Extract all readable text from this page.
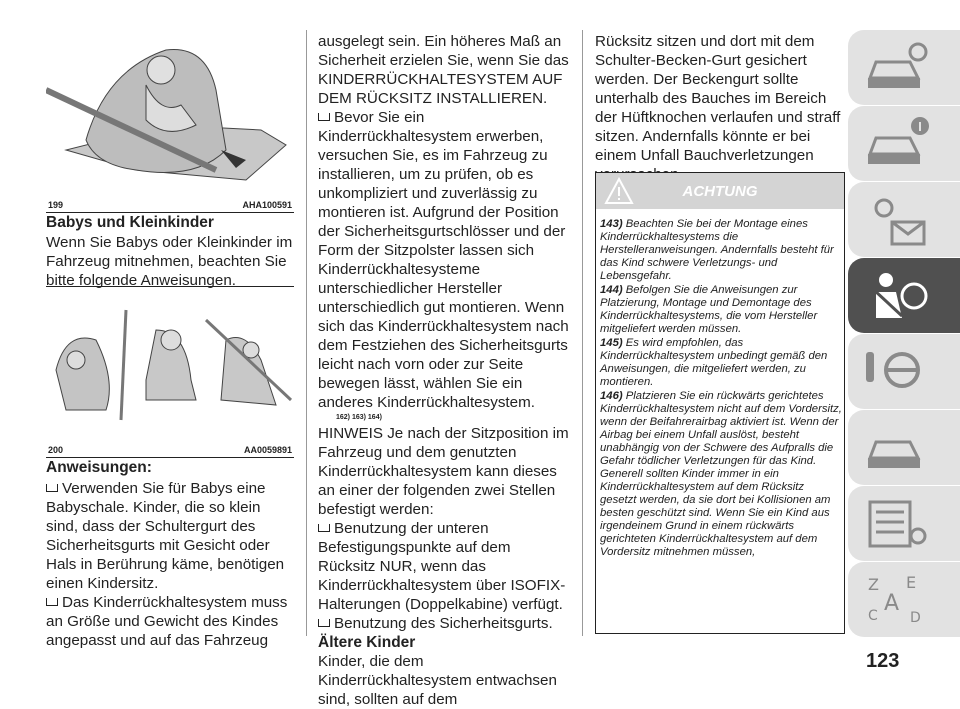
199	AHA100591
Babys und Kleinkinder
Wenn Sie Babys oder Kleinkinder im Fahrzeug mitnehmen, beachten Sie bitte folgende Anweisungen.
200	AA0059891
Anweisungen:

Verwenden Sie für Babys eine Babyschale. Kinder, die so klein sind, dass der Schultergurt des Sicherheitsgurts mit Gesicht oder Hals in Berührung käme, benötigen einen Kindersitz.

Das Kinderrückhaltesystem muss an Größe und Gewicht des Kindes angepasst und auf das Fahrzeug

ausgelegt sein. Ein höheres Maß an Sicherheit erzielen Sie, wenn Sie das KINDERRÜCKHALTESYSTEM AUF DEM RÜCKSITZ INSTALLIEREN.

Bevor Sie ein Kinderrückhaltesystem erwerben, versuchen Sie, es im Fahrzeug zu installieren, um zu prüfen, ob es unkompliziert und zuverlässig zu montieren ist. Aufgrund der Position der Sicherheitsgurtschlösser und der Form der Sitzpolster lassen sich Kinderrückhaltesysteme unterschiedlicher Hersteller unterschiedlich gut montieren. Wenn sich das Kinderrückhaltesystem nach dem Festziehen des Sicherheitsgurts leicht nach vorn oder zur Seite bewegen lässt, wählen Sie ein anderes Kinderrückhaltesystem.

162) 163) 164)

HINWEIS Je nach der Sitzposition im Fahrzeug und dem genutzten Kinderrückhaltesystem kann dieses an einer der folgenden zwei Stellen befestigt werden:

Benutzung der unteren Befestigungspunkte auf dem Rücksitz NUR, wenn das Kinderrückhaltesystem über ISOFIX-Halterungen (Doppelkabine) verfügt.

Benutzung des Sicherheitsgurts.

Ältere Kinder

Kinder, die dem Kinderrückhaltesystem entwachsen sind, sollten auf dem

Rücksitz sitzen und dort mit dem Schulter-Becken-Gurt gesichert werden. Der Beckengurt sollte unterhalb des Bauches im Bereich der Hüftknochen verlaufen und straff sitzen. Andernfalls könnte er bei einem Unfall Bauchverletzungen
ACHTUNG

143) Beachten Sie bei der Montage eines Kinderrückhaltesystems die Herstelleranweisungen. Andernfalls besteht für das Kind schwere Verletzungs- und Lebensgefahr.

144) Befolgen Sie die Anweisungen zur Platzierung, Montage und Demontage des Kinderrückhaltesystems, die vom Hersteller mitgeliefert werden müssen.

145) Es wird empfohlen, das Kinderrückhaltesystem unbedingt gemäß den Anweisungen, die mitgeliefert werden, zu montieren.

146) Platzieren Sie ein rückwärts gerichtetes Kinderrückhaltesystem nicht auf dem Vordersitz, wenn der Beifahrerairbag aktiviert ist. Wenn der Airbag bei einem Unfall auslöst, besteht unabhängig von der Schwere des Aufpralls die Gefahr tödlicher Verletzungen für das Kind. Generell sollten Kinder immer in ein Kinderrückhaltesystem auf dem Rücksitz gesetzt werden, da sie dort bei Kollisionen am besten geschützt sind. Wenn Sie ein Kind aus irgendeinem Grund in einem rückwärts gerichteten Kinderrückhaltesystem auf dem Vordersitz mitnehmen müssen,

Z E
A
C D
123
